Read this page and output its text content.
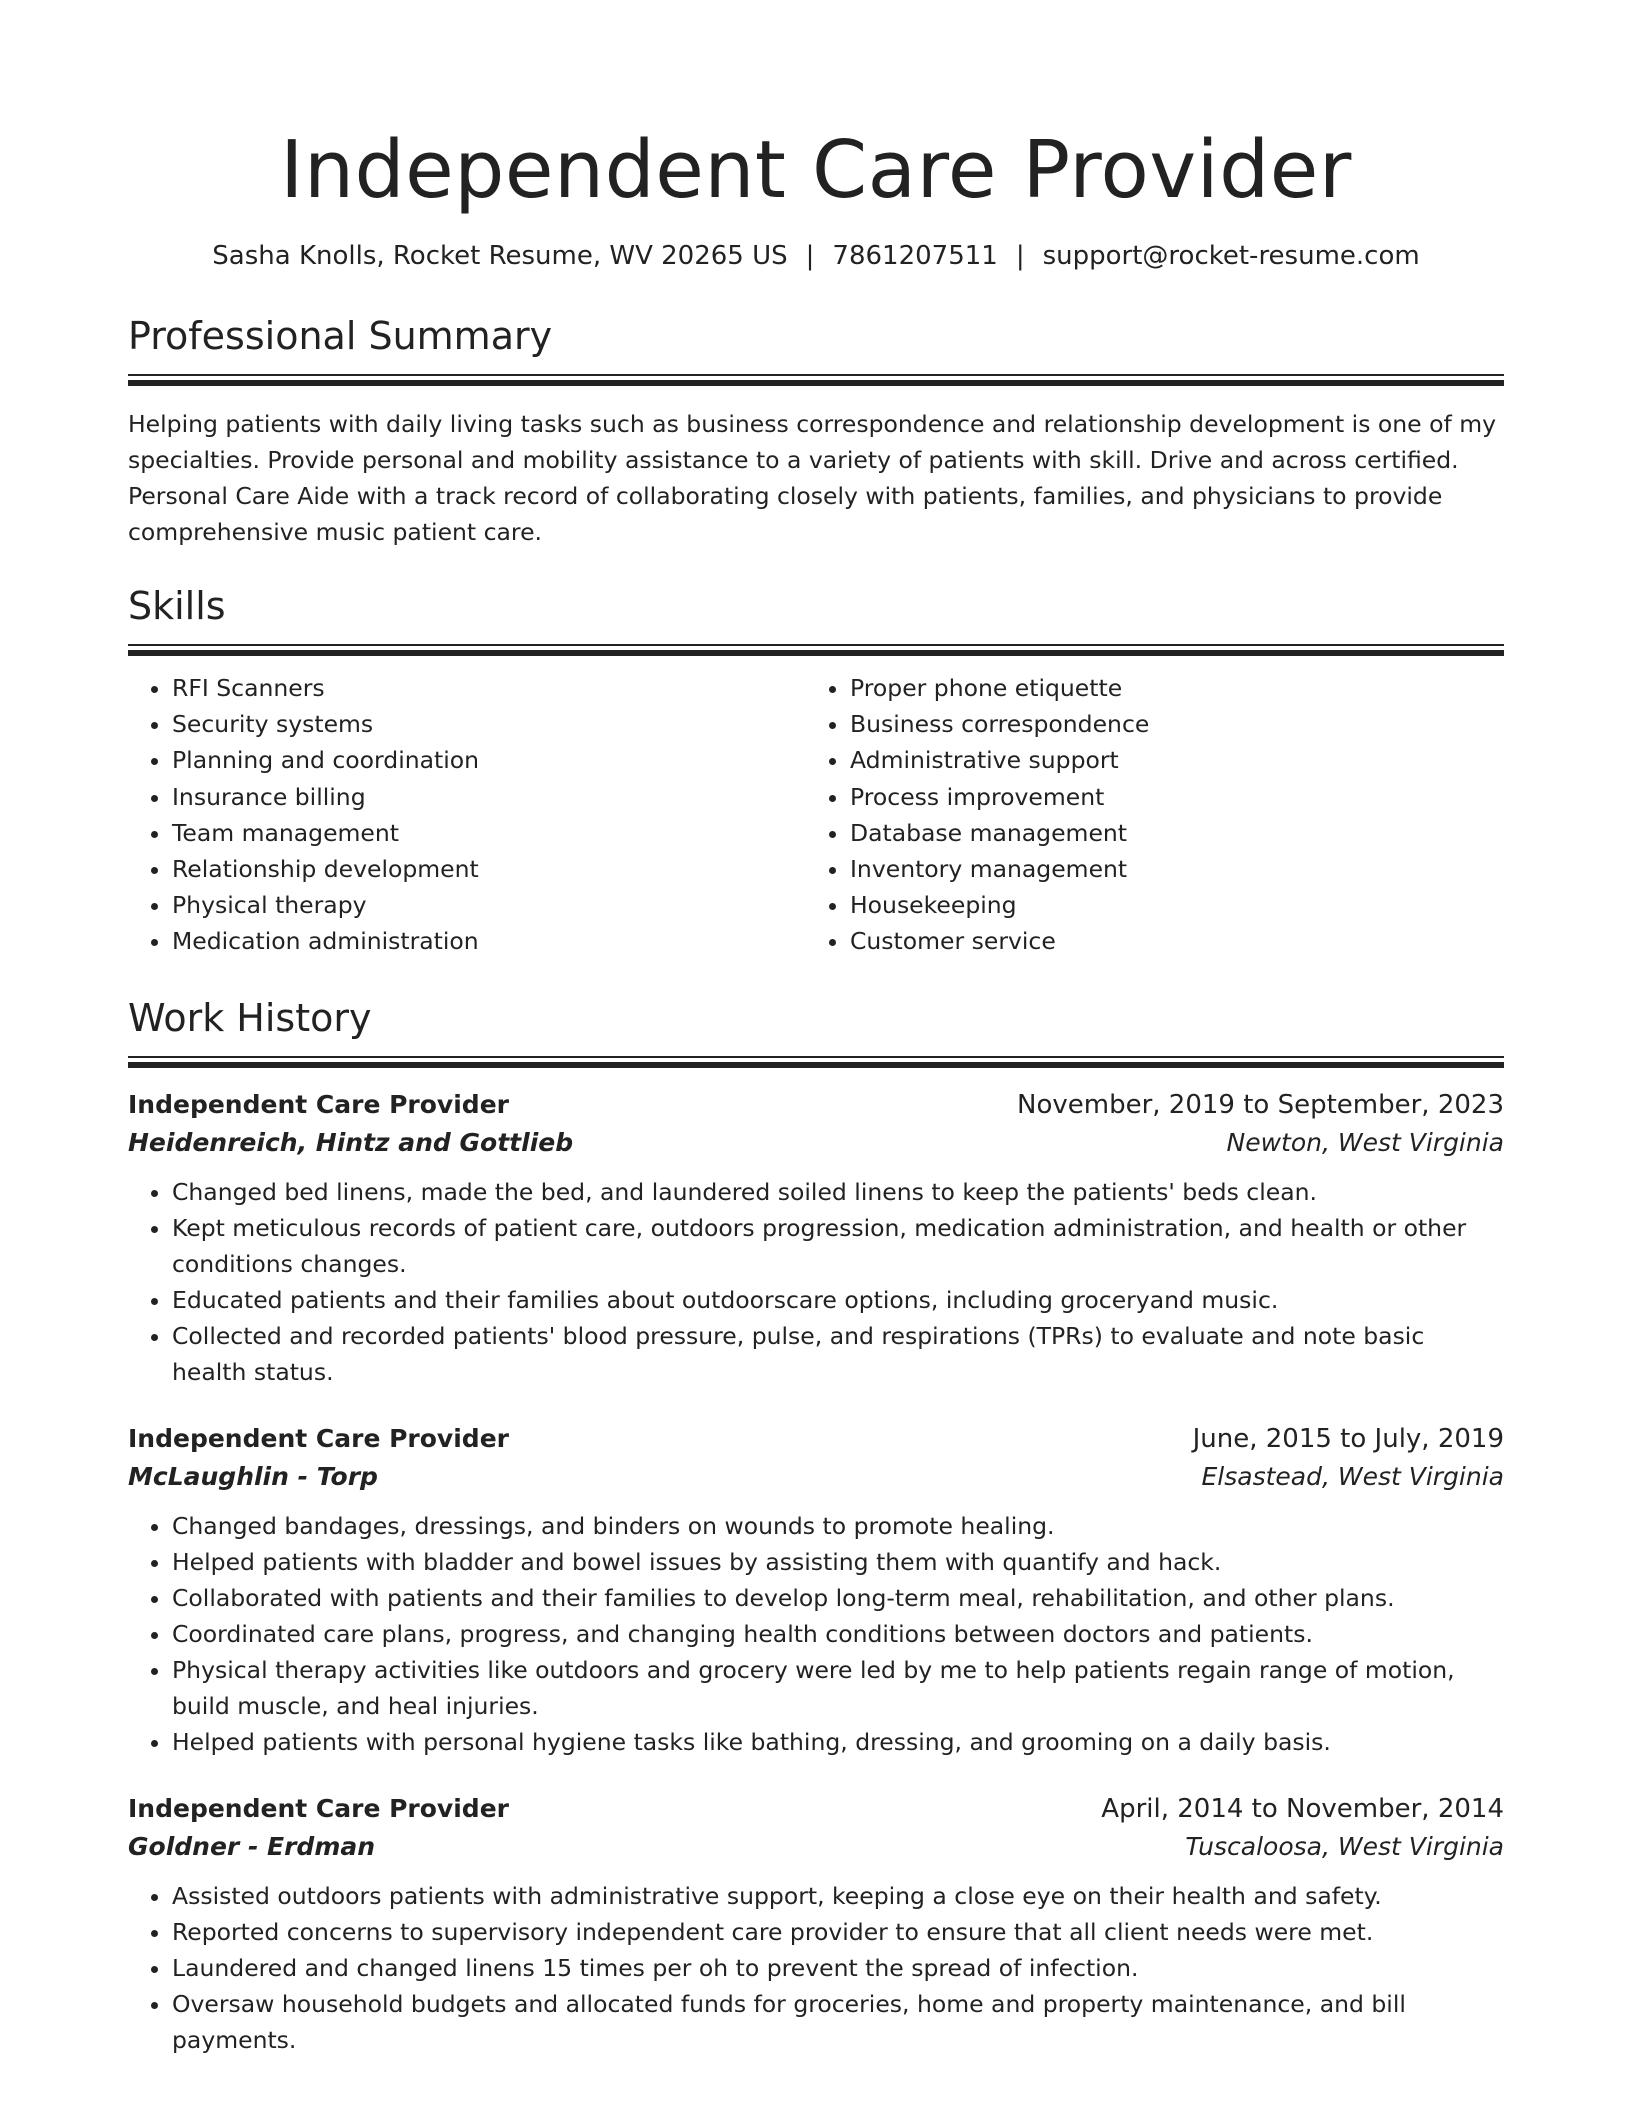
Independent Care Provider
Sasha Knolls, Rocket Resume, WV 20265 US | 7861207511 | support@rocket-resume.com
Professional Summary

Helping patients with daily living tasks such as business correspondence and relationship development is one of my specialties. Provide personal and mobility assistance to a variety of patients with skill. Drive and across certified. Personal Care Aide with a track record of collaborating closely with patients, families, and physicians to provide comprehensive music patient care.

Skills
• RFI Scanners
• Security systems
• Planning and coordination
• Insurance billing
• Team management
• Relationship development
• Physical therapy
• Medication administration
• Proper phone etiquette
• Business correspondence
• Administrative support
• Process improvement
• Database management
• Inventory management
• Housekeeping
• Customer service
Work History
Independent Care Provider	November, 2019 to September, 2023
Heidenreich, Hintz and Gottlieb	Newton, West Virginia
• Changed bed linens, made the bed, and laundered soiled linens to keep the patients' beds clean.
• Kept meticulous records of patient care, outdoors progression, medication administration, and health or other conditions changes.
• Educated patients and their families about outdoorscare options, including groceryand music.
• Collected and recorded patients' blood pressure, pulse, and respirations (TPRs) to evaluate and note basic health status.
Independent Care Provider	June, 2015 to July, 2019
McLaughlin - Torp	Elsastead, West Virginia
• Changed bandages, dressings, and binders on wounds to promote healing.
• Helped patients with bladder and bowel issues by assisting them with quantify and hack.
• Collaborated with patients and their families to develop long-term meal, rehabilitation, and other plans.
• Coordinated care plans, progress, and changing health conditions between doctors and patients.
• Physical therapy activities like outdoors and grocery were led by me to help patients regain range of motion, build muscle, and heal injuries.
• Helped patients with personal hygiene tasks like bathing, dressing, and grooming on a daily basis.
Independent Care Provider	April, 2014 to November, 2014
Goldner - Erdman	Tuscaloosa, West Virginia
• Assisted outdoors patients with administrative support, keeping a close eye on their health and safety.
• Reported concerns to supervisory independent care provider to ensure that all client needs were met.
• Laundered and changed linens 15 times per oh to prevent the spread of infection.
• Oversaw household budgets and allocated funds for groceries, home and property maintenance, and bill payments.
